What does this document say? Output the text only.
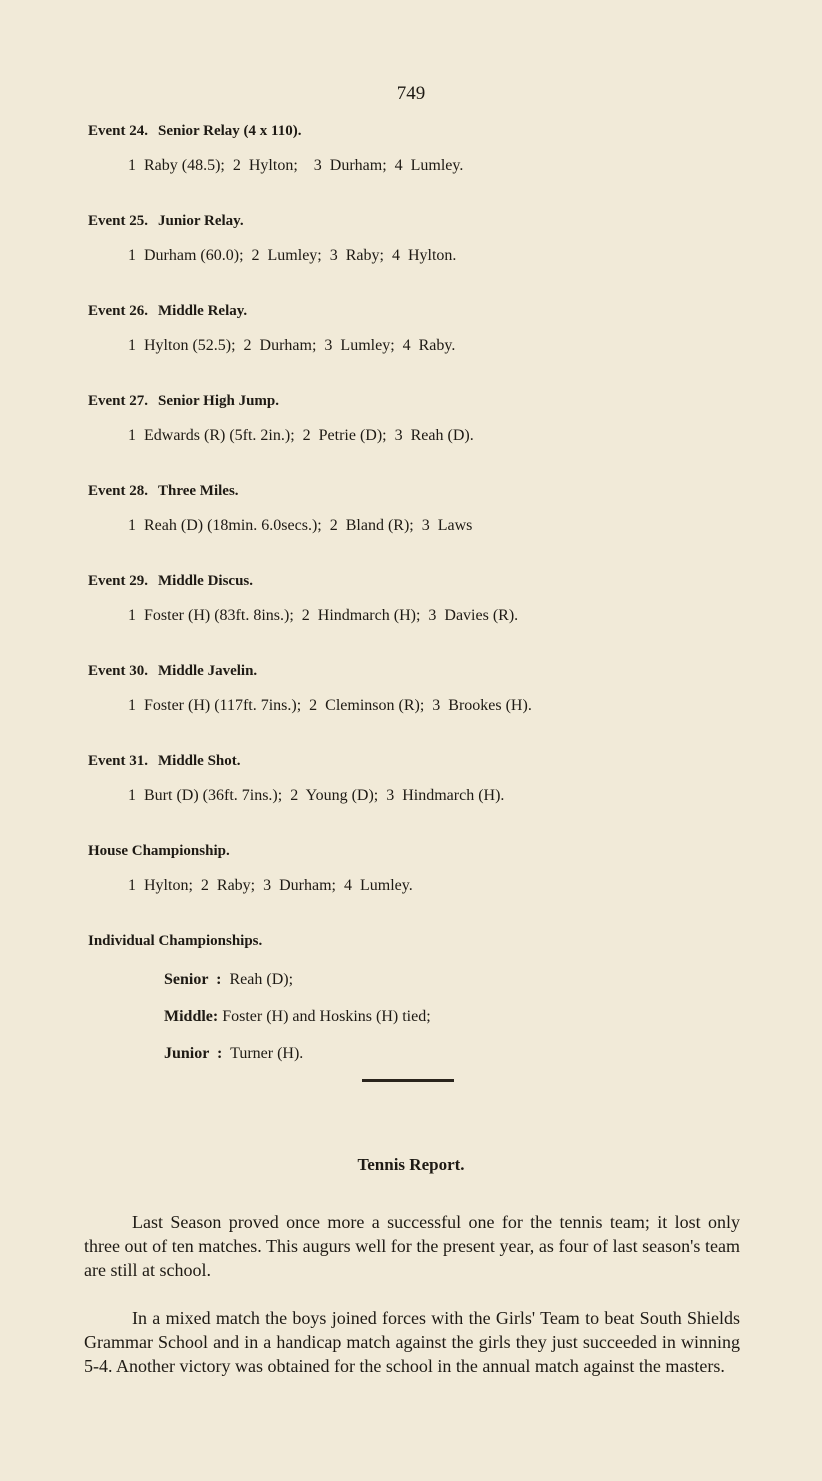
749
Event 24. Senior Relay (4 x 110).
1  Raby (48.5);  2  Hylton;    3  Durham;  4  Lumley.
Event 25. Junior Relay.
1  Durham (60.0);  2  Lumley;  3  Raby;  4  Hylton.
Event 26. Middle Relay.
1  Hylton (52.5);  2  Durham;  3  Lumley;  4  Raby.
Event 27. Senior High Jump.
1  Edwards (R) (5ft. 2in.);  2  Petrie (D);  3  Reah (D).
Event 28. Three Miles.
1  Reah (D) (18min. 6.0secs.);  2  Bland (R);  3  Laws
Event 29. Middle Discus.
1  Foster (H) (83ft. 8ins.);  2  Hindmarch (H);  3  Davies (R).
Event 30. Middle Javelin.
1  Foster (H) (117ft. 7ins.);  2  Cleminson (R);  3  Brookes (H).
Event 31. Middle Shot.
1  Burt (D) (36ft. 7ins.);  2  Young (D);  3  Hindmarch (H).
House Championship.
1  Hylton;  2  Raby;  3  Durham;  4  Lumley.
Individual Championships.
Senior  :  Reah (D);
Middle: Foster (H) and Hoskins (H) tied;
Junior  :  Turner (H).
Tennis Report.

Last Season proved once more a successful one for the tennis team; it lost only three out of ten matches. This augurs well for the present year, as four of last season's team are still at school.

In a mixed match the boys joined forces with the Girls' Team to beat South Shields Grammar School and in a handicap match against the girls they just succeeded in winning 5-4. Another victory was obtained for the school in the annual match against the masters.
